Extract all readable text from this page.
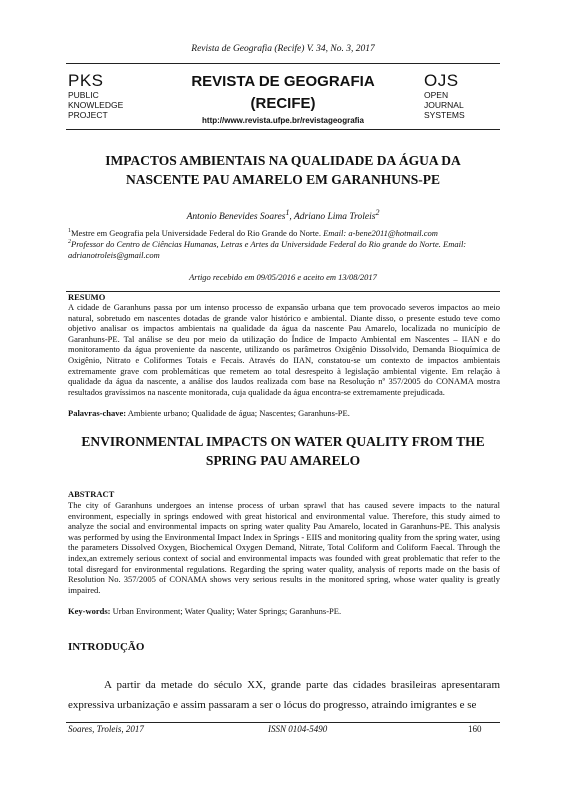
Revista de Geografia (Recife) V. 34, No. 3, 2017
PKS
PUBLIC
KNOWLEDGE
PROJECT
REVISTA DE GEOGRAFIA
(RECIFE)
http://www.revista.ufpe.br/revistageografia
OJS
OPEN
JOURNAL
SYSTEMS
IMPACTOS AMBIENTAIS NA QUALIDADE DA ÁGUA DA
NASCENTE PAU AMARELO EM GARANHUNS-PE
Antonio Benevides Soares$^1$, Adriano Lima Troleis$^2$
$^1$Mestre em Geografia pela Universidade Federal do Rio Grande do Norte. Email: a-bene2011@hotmail.com
$^2$Professor do Centro de Ciências Humanas, Letras e Artes da Universidade Federal do Rio grande do Norte. Email: adrianotroleis@gmail.com
Artigo recebido em 09/05/2016 e aceito em 13/08/2017
RESUMO
A cidade de Garanhuns passa por um intenso processo de expansão urbana que tem provocado severos impactos ao meio natural, sobretudo em nascentes dotadas de grande valor histórico e ambiental. Diante disso, o presente estudo teve como objetivo analisar os impactos ambientais na qualidade da água da nascente Pau Amarelo, localizada no município de Garanhuns-PE. Tal análise se deu por meio da utilização do Índice de Impacto Ambiental em Nascentes – IIAN e do monitoramento da água proveniente da nascente, utilizando os parâmetros Oxigênio Dissolvido, Demanda Bioquímica de Oxigênio, Nitrato e Coliformes Totais e Fecais. Através do IIAN, constatou-se um contexto de impactos ambientais extremamente grave com problemáticas que remetem ao total desrespeito à legislação ambiental vigente. Em relação à qualidade da água da nascente, a análise dos laudos realizada com base na Resolução nº 357/2005 do CONAMA mostra resultados gravíssimos na nascente monitorada, cuja qualidade da água encontra-se extremamente prejudicada.
Palavras-chave: Ambiente urbano; Qualidade de água; Nascentes; Garanhuns-PE.
ENVIRONMENTAL IMPACTS ON WATER QUALITY FROM THE
SPRING PAU AMARELO
ABSTRACT
The city of Garanhuns undergoes an intense process of urban sprawl that has caused severe impacts to the natural environment, especially in springs endowed with great historical and environmental value. Therefore, this study aimed to analyze the social and environmental impacts on spring water quality Pau Amarelo, located in Garanhuns-PE. This analysis was performed by using the Environmental Impact Index in Springs - EIIS and monitoring quality from the spring water, using the parameters Dissolved Oxygen, Biochemical Oxygen Demand, Nitrate, Total Coliform and Coliform Faecal. Through the index,an extremely serious context of social and environmental impacts was founded with great problematic that refer to the total disregard for environmental regulations. Regarding the spring water quality, analysis of reports made on the basis of Resolution No. 357/2005 of CONAMA shows very serious results in the monitored spring, whose water quality is greatly impaired.
Key-words: Urban Environment; Water Quality; Water Springs; Garanhuns-PE.
INTRODUÇÃO
A partir da metade do século XX, grande parte das cidades brasileiras apresentaram expressiva urbanização e assim passaram a ser o lócus do progresso, atraindo imigrantes e se
Soares, Troleis, 2017	ISSN 0104-5490	160
